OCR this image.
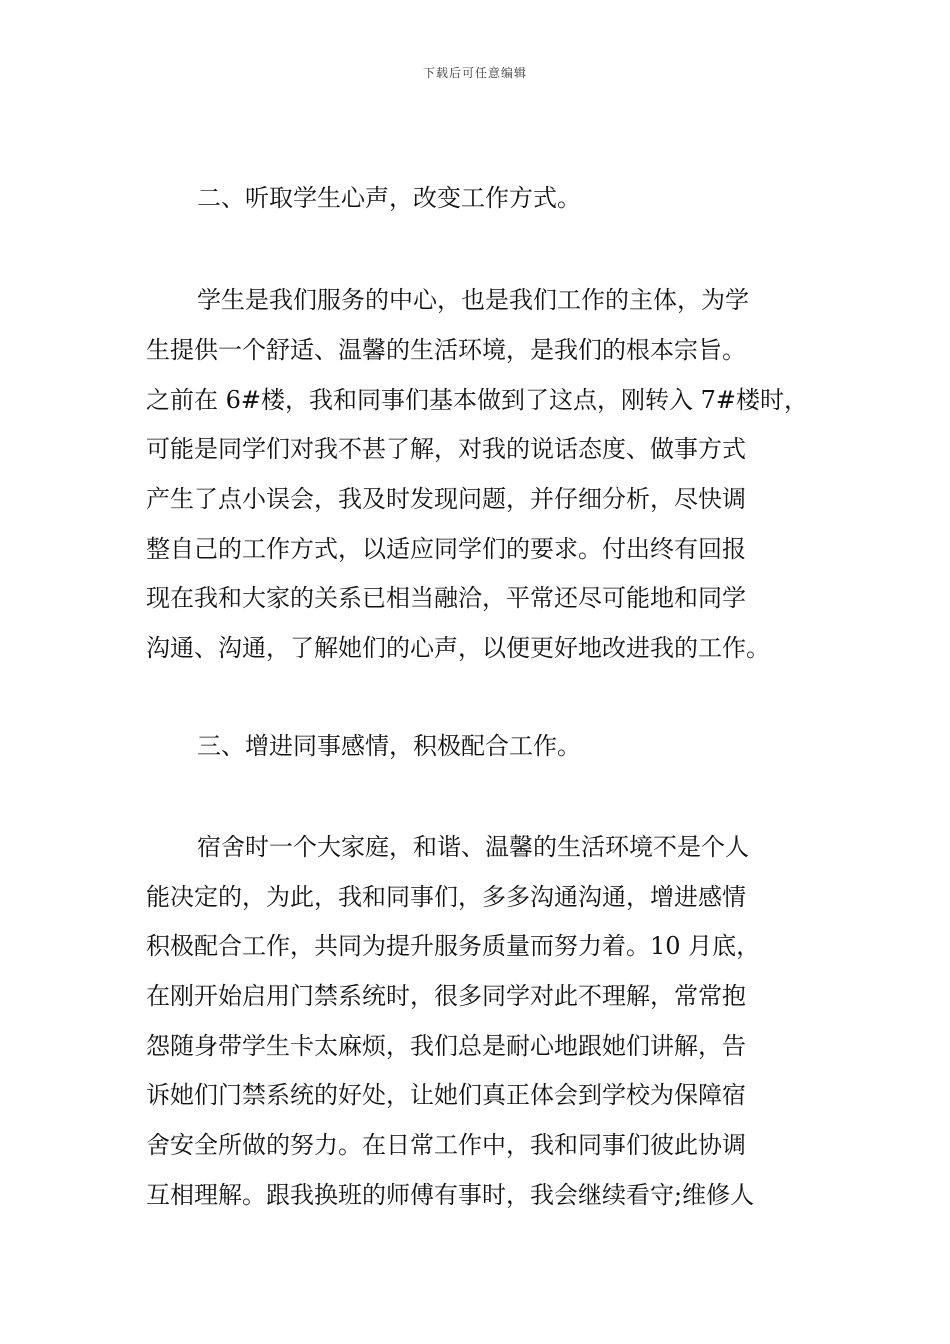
下载后可任意编辑
二、听取学生心声，改变工作方式。
学生是我们服务的中心，也是我们工作的主体，为学
生提供一个舒适、温馨的生活环境，是我们的根本宗旨。
之前在 6#楼，我和同事们基本做到了这点，刚转入 7#楼时，
可能是同学们对我不甚了解，对我的说话态度、做事方式
产生了点小误会，我及时发现问题，并仔细分析，尽快调
整自己的工作方式，以适应同学们的要求。付出终有回报
现在我和大家的关系已相当融洽，平常还尽可能地和同学
沟通、沟通，了解她们的心声，以便更好地改进我的工作。
三、增进同事感情，积极配合工作。
宿舍时一个大家庭，和谐、温馨的生活环境不是个人
能决定的，为此，我和同事们，多多沟通沟通，增进感情
积极配合工作，共同为提升服务质量而努力着。10 月底，
在刚开始启用门禁系统时，很多同学对此不理解，常常抱
怨随身带学生卡太麻烦，我们总是耐心地跟她们讲解，告
诉她们门禁系统的好处，让她们真正体会到学校为保障宿
舍安全所做的努力。在日常工作中，我和同事们彼此协调
互相理解。跟我换班的师傅有事时，我会继续看守;维修人
